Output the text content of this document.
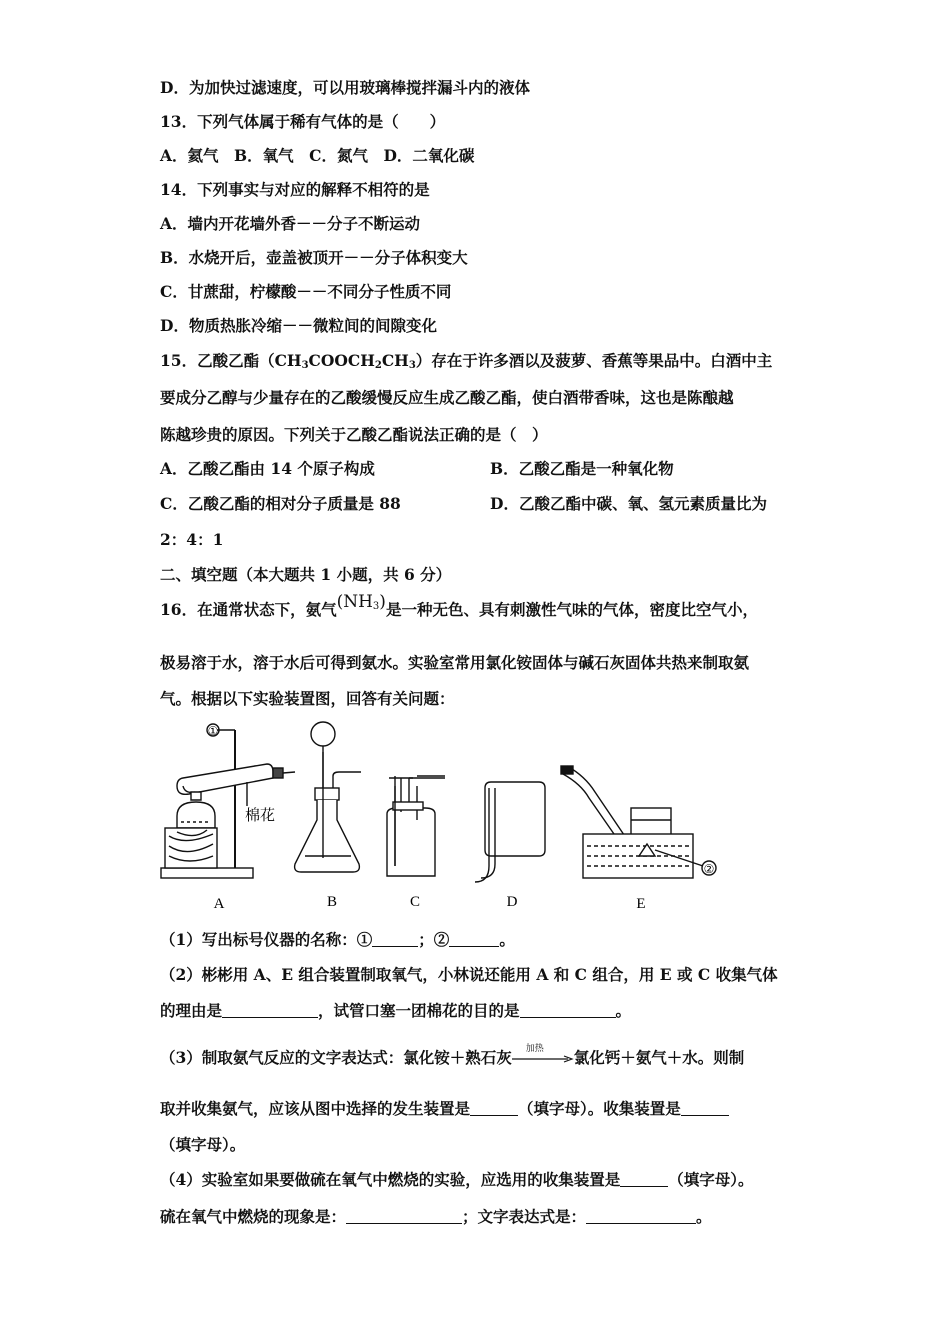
D．为加快过滤速度，可以用玻璃棒搅拌漏斗内的液体
13．下列气体属于稀有气体的是（　　）
A．氦气　B．氧气　C．氮气　D．二氧化碳
14．下列事实与对应的解释不相符的是
A．墙内开花墙外香－－分子不断运动
B．水烧开后，壶盖被顶开－－分子体积变大
C．甘蔗甜，柠檬酸－－不同分子性质不同
D．物质热胀冷缩－－微粒间的间隙变化
15．乙酸乙酯$(CH_3COOCH_2CH_3)$存在于许多酒以及菠萝、香蕉等果品中。白酒中主
要成分乙醇与少量存在的乙酸缓慢反应生成乙酸乙酯，使白酒带香味，这也是陈酿越
陈越珍贵的原因。下列关于乙酸乙酯说法正确的是（　）
A．乙酸乙酯由 14 个原子构成	B．乙酸乙酯是一种氧化物
C．乙酸乙酯的相对分子质量是 88	D．乙酸乙酯中碳、氧、氢元素质量比为
2：4：1
二、填空题（本大题共 1 小题，共 6 分）
16．在通常状态下，氨气$(NH_3)$是一种无色、具有刺激性气味的气体，密度比空气小，
极易溶于水，溶于水后可得到氨水。实验室常用氯化铵固体与碱石灰固体共热来制取氨
气。根据以下实验装置图，回答有关问题：
①
②
棉花
A	B	C	D	E
（1）写出标号仪器的名称：①	；②	。
（2）彬彬用 A、E 组合装置制取氧气，小林说还能用 A 和 C 组合，用 E 或 C 收集气体
的理由是	，试管口塞一团棉花的目的是	。
（3）制取氨气反应的文字表达式：氯化铵＋熟石灰 加热 氯化钙＋氨气＋水。则制
取并收集氨气，应该从图中选择的发生装置是	（填字母）。收集装置是
（填字母）。
（4）实验室如果要做硫在氧气中燃烧的实验，应选用的收集装置是	（填字母）。
硫在氧气中燃烧的现象是：	；文字表达式是：	。
